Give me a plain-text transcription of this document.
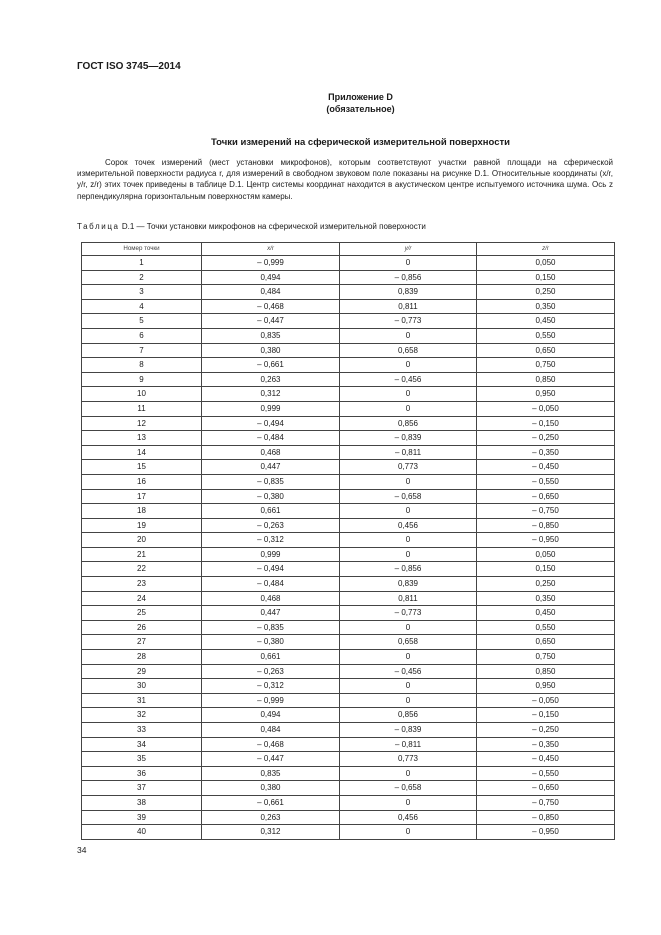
ГОСТ ISO 3745—2014
Приложение D
(обязательное)
Точки измерений на сферической измерительной поверхности

Сорок точек измерений (мест установки микрофонов), которым соответствуют участки равной площади на сферической измерительной поверхности радиуса r, для измерений в свободном звуковом поле показаны на рисунке D.1. Относительные координаты (x/r, y/r, z/r) этих точек приведены в таблице D.1. Центр системы координат находится в акустическом центре испытуемого источника шума. Ось z перпендикулярна горизонтальным поверхностям камеры.

Таблица D.1 — Точки установки микрофонов на сферической измерительной поверхности
Номер точки	x/r	y/r	z/r
1	– 0,999	0	0,050
2	0,494	– 0,856	0,150
3	0,484	0,839	0,250
4	– 0,468	0,811	0,350
5	– 0,447	– 0,773	0,450
6	0,835	0	0,550
7	0,380	0,658	0,650
8	– 0,661	0	0,750
9	0,263	– 0,456	0,850
10	0,312	0	0,950
11	0,999	0	– 0,050
12	– 0,494	0,856	– 0,150
13	– 0,484	– 0,839	– 0,250
14	0,468	– 0,811	– 0,350
15	0,447	0,773	– 0,450
16	– 0,835	0	– 0,550
17	– 0,380	– 0,658	– 0,650
18	0,661	0	– 0,750
19	– 0,263	0,456	– 0,850
20	– 0,312	0	– 0,950
21	0,999	0	0,050
22	– 0,494	– 0,856	0,150
23	– 0,484	0,839	0,250
24	0,468	0,811	0,350
25	0,447	– 0,773	0,450
26	– 0,835	0	0,550
27	– 0,380	0,658	0,650
28	0,661	0	0,750
29	– 0,263	– 0,456	0,850
30	– 0,312	0	0,950
31	– 0,999	0	– 0,050
32	0,494	0,856	– 0,150
33	0,484	– 0,839	– 0,250
34	– 0,468	– 0,811	– 0,350
35	– 0,447	0,773	– 0,450
36	0,835	0	– 0,550
37	0,380	– 0,658	– 0,650
38	– 0,661	0	– 0,750
39	0,263	0,456	– 0,850
40	0,312	0	– 0,950
34
